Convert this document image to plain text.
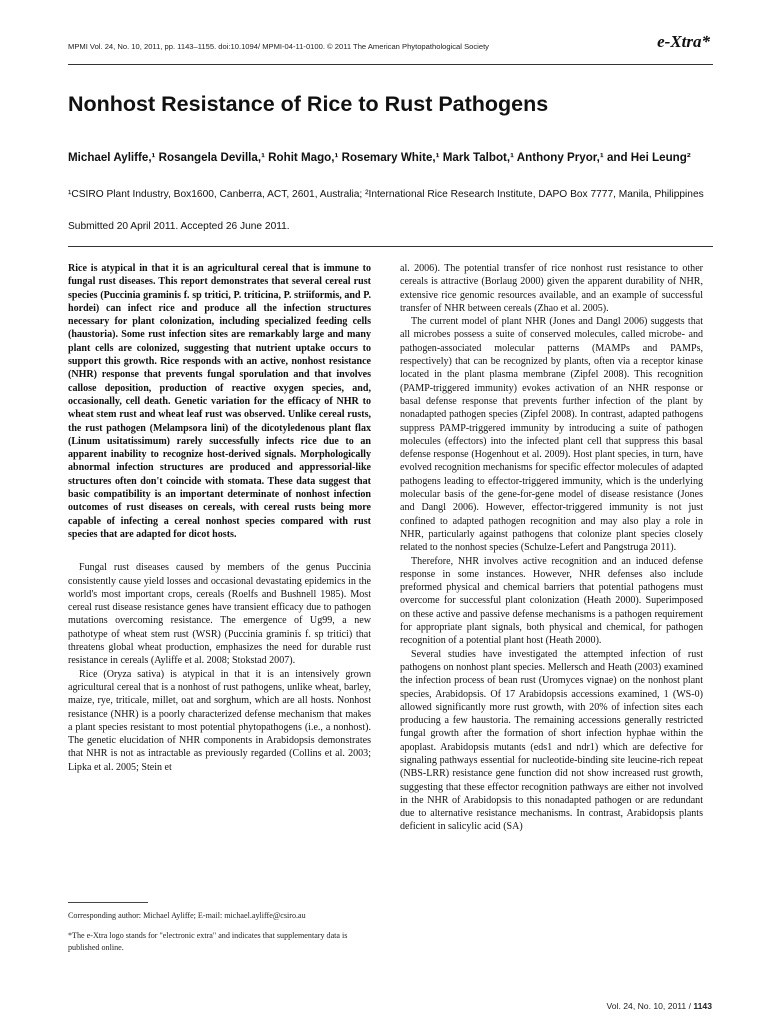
MPMI Vol. 24, No. 10, 2011, pp. 1143–1155. doi:10.1094/ MPMI-04-11-0100. © 2011 The American Phytopathological Society	e-Xtra*
Nonhost Resistance of Rice to Rust Pathogens
Michael Ayliffe,¹ Rosangela Devilla,¹ Rohit Mago,¹ Rosemary White,¹ Mark Talbot,¹ Anthony Pryor,¹ and Hei Leung²
¹CSIRO Plant Industry, Box1600, Canberra, ACT, 2601, Australia; ²International Rice Research Institute, DAPO Box 7777, Manila, Philippines
Submitted 20 April 2011. Accepted 26 June 2011.

Rice is atypical in that it is an agricultural cereal that is immune to fungal rust diseases. This report demonstrates that several cereal rust species (Puccinia graminis f. sp tritici, P. triticina, P. striiformis, and P. hordei) can infect rice and produce all the infection structures necessary for plant colonization, including specialized feeding cells (haustoria). Some rust infection sites are remarkably large and many plant cells are colonized, suggesting that nutrient uptake occurs to support this growth. Rice responds with an active, nonhost resistance (NHR) response that prevents fungal sporulation and that involves callose deposition, production of reactive oxygen species, and, occasionally, cell death. Genetic variation for the efficacy of NHR to wheat stem rust and wheat leaf rust was observed. Unlike cereal rusts, the rust pathogen (Melampsora lini) of the dicotyledenous plant flax (Linum usitatissimum) rarely successfully infects rice due to an apparent inability to recognize host-derived signals. Morphologically abnormal infection structures are produced and appressorial-like structures often don't coincide with stomata. These data suggest that basic compatibility is an important determinate of nonhost infection outcomes of rust diseases on cereals, with cereal rusts being more capable of infecting a cereal nonhost species compared with rust species that are adapted for dicot hosts.

Fungal rust diseases caused by members of the genus Puccinia consistently cause yield losses and occasional devastating epidemics in the world's most important crops, cereals (Roelfs and Bushnell 1985). Most cereal rust disease resistance genes have transient efficacy due to pathogen mutations overcoming resistance. The emergence of Ug99, a new pathotype of wheat stem rust (WSR) (Puccinia graminis f. sp tritici) that threatens global wheat production, emphasizes the need for durable rust resistance in cereals (Ayliffe et al. 2008; Stokstad 2007).

Rice (Oryza sativa) is atypical in that it is an intensively grown agricultural cereal that is a nonhost of rust pathogens, unlike wheat, barley, maize, rye, triticale, millet, oat and sorghum, which are all hosts. Nonhost resistance (NHR) is a poorly characterized defense mechanism that makes a plant species resistant to most potential phytopathogens (i.e., a nonhost). The genetic elucidation of NHR components in Arabidopsis demonstrates that NHR is not as intractable as previously regarded (Collins et al. 2003; Lipka et al. 2005; Stein et

al. 2006). The potential transfer of rice nonhost rust resistance to other cereals is attractive (Borlaug 2000) given the apparent durability of NHR, extensive rice genomic resources available, and an example of successful transfer of NHR between cereals (Zhao et al. 2005).

The current model of plant NHR (Jones and Dangl 2006) suggests that all microbes possess a suite of conserved molecules, called microbe- and pathogen-associated molecular patterns (MAMPs and PAMPs, respectively) that can be recognized by plants, often via a receptor kinase located in the plant plasma membrane (Zipfel 2008). This recognition (PAMP-triggered immunity) evokes activation of an NHR response or basal defense response that prevents further infection of the plant by nonadapted pathogen species (Zipfel 2008). In contrast, adapted pathogens suppress PAMP-triggered immunity by introducing a suite of pathogen molecules (effectors) into the infected plant cell that suppress this basal defense response (Hogenhout et al. 2009). Host plant species, in turn, have evolved recognition mechanisms for specific effector molecules of adapted pathogens leading to effector-triggered immunity, which is the underlying molecular basis of the gene-for-gene model of disease resistance (Jones and Dangl 2006). However, effector-triggered immunity is not just confined to adapted pathogen recognition and may also play a role in NHR, particularly against pathogens that colonize plant species closely related to the nonhost species (Schulze-Lefert and Pangstruga 2011).

Therefore, NHR involves active recognition and an induced defense response in some instances. However, NHR defenses also include preformed physical and chemical barriers that potential pathogens must overcome for successful plant colonization (Heath 2000). Superimposed on these active and passive defense mechanisms is a pathogen requirement for appropriate plant signals, both physical and chemical, for pathogen recognition of a potential plant host (Heath 2000).

Several studies have investigated the attempted infection of rust pathogens on nonhost plant species. Mellersch and Heath (2003) examined the infection process of bean rust (Uromyces vignae) on the nonhost plant species, Arabidopsis. Of 17 Arabidopsis accessions examined, 1 (WS-0) allowed significantly more rust growth, with 20% of infection sites each producing a few haustoria. The remaining accessions generally restricted fungal growth after the formation of short infection hyphae within the apoplast. Arabidopsis mutants (eds1 and ndr1) which are defective for signaling pathways essential for nucleotide-binding site leucine-rich repeat (NBS-LRR) resistance gene function did not show increased rust growth, suggesting that these effector recognition pathways are either not involved in the NHR of Arabidopsis to this nonadapted pathogen or are redundant due to alternative resistance mechanisms. In contrast, Arabidopsis plants deficient in salicylic acid (SA)

Corresponding author: Michael Ayliffe; E-mail: michael.ayliffe@csiro.au
*The e-Xtra logo stands for "electronic extra" and indicates that supplementary data is published online.
Vol. 24, No. 10, 2011 / 1143
